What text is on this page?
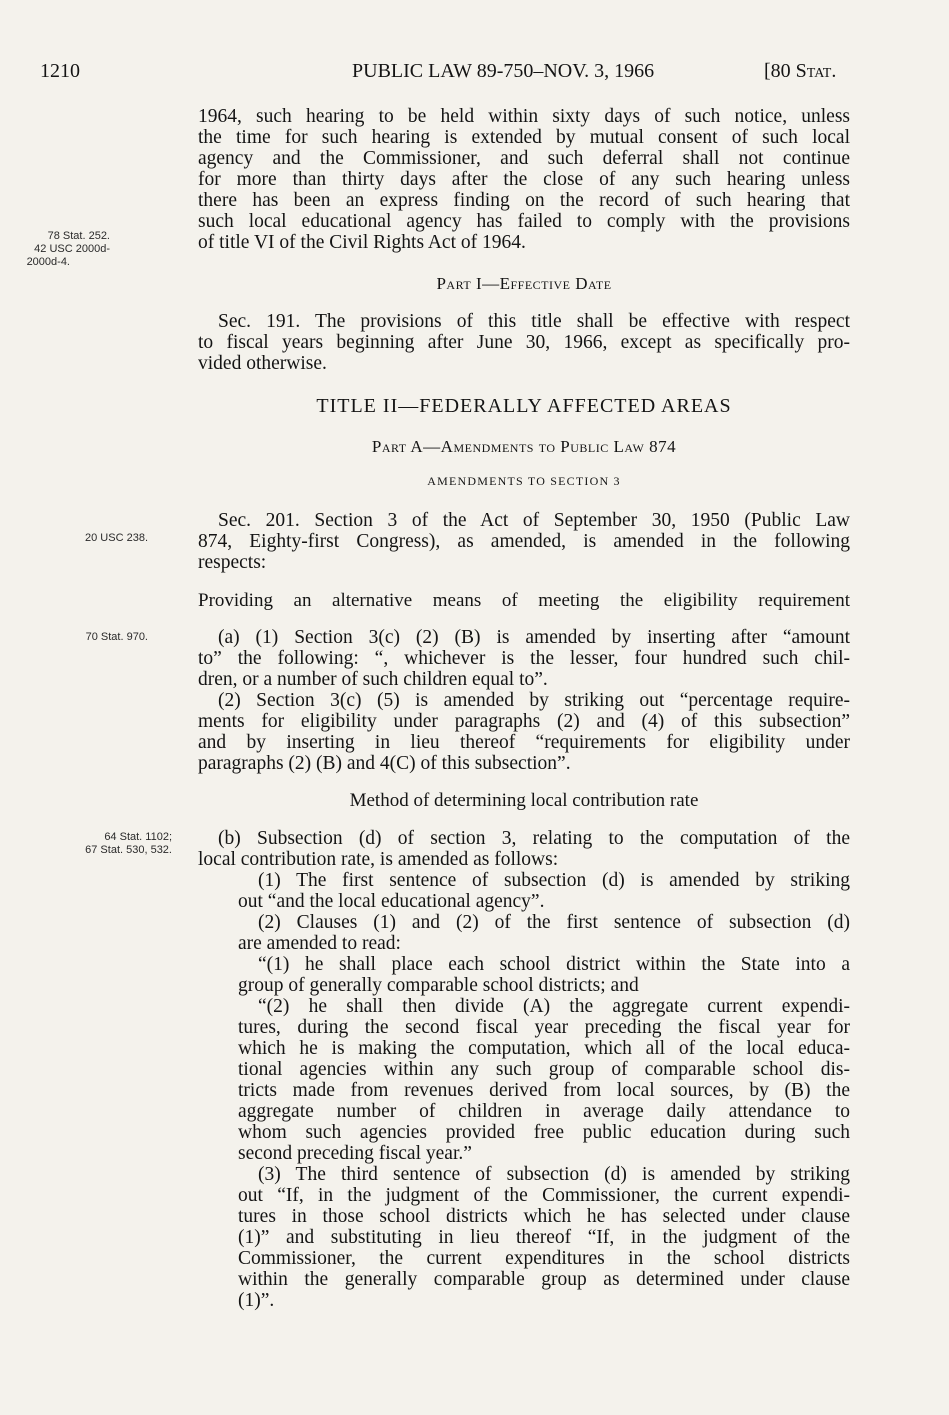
1210	PUBLIC LAW 89-750–NOV. 3, 1966	[80 Stat.
78 Stat. 252.
42 USC 2000d-
2000d-4.
20 USC 238.
70 Stat. 970.
64 Stat. 1102;
67 Stat. 530, 532.
1964, such hearing to be held within sixty days of such notice, unless
the time for such hearing is extended by mutual consent of such local
agency and the Commissioner, and such deferral shall not continue
for more than thirty days after the close of any such hearing unless
there has been an express finding on the record of such hearing that
such local educational agency has failed to comply with the provisions
of title VI of the Civil Rights Act of 1964.
Part I—Effective Date
Sec. 191. The provisions of this title shall be effective with respect
to fiscal years beginning after June 30, 1966, except as specifically pro-
vided otherwise.
TITLE II—FEDERALLY AFFECTED AREAS
Part A—Amendments to Public Law 874
AMENDMENTS TO SECTION 3
Sec. 201. Section 3 of the Act of September 30, 1950 (Public Law
874, Eighty-first Congress), as amended, is amended in the following
respects:
Providing an alternative means of meeting the eligibility requirement
(a) (1) Section 3(c) (2) (B) is amended by inserting after “amount
to” the following: “, whichever is the lesser, four hundred such chil-
dren, or a number of such children equal to”.
(2) Section 3(c) (5) is amended by striking out “percentage require-
ments for eligibility under paragraphs (2) and (4) of this subsection”
and by inserting in lieu thereof “requirements for eligibility under
paragraphs (2) (B) and 4(C) of this subsection”.
Method of determining local contribution rate
(b) Subsection (d) of section 3, relating to the computation of the
local contribution rate, is amended as follows:
(1) The first sentence of subsection (d) is amended by striking
out “and the local educational agency”.
(2) Clauses (1) and (2) of the first sentence of subsection (d)
are amended to read:
“(1) he shall place each school district within the State into a
group of generally comparable school districts; and
“(2) he shall then divide (A) the aggregate current expendi-
tures, during the second fiscal year preceding the fiscal year for
which he is making the computation, which all of the local educa-
tional agencies within any such group of comparable school dis-
tricts made from revenues derived from local sources, by (B) the
aggregate number of children in average daily attendance to
whom such agencies provided free public education during such
second preceding fiscal year.”
(3) The third sentence of subsection (d) is amended by striking
out “If, in the judgment of the Commissioner, the current expendi-
tures in those school districts which he has selected under clause
(1)” and substituting in lieu thereof “If, in the judgment of the
Commissioner, the current expenditures in the school districts
within the generally comparable group as determined under clause
(1)”.
